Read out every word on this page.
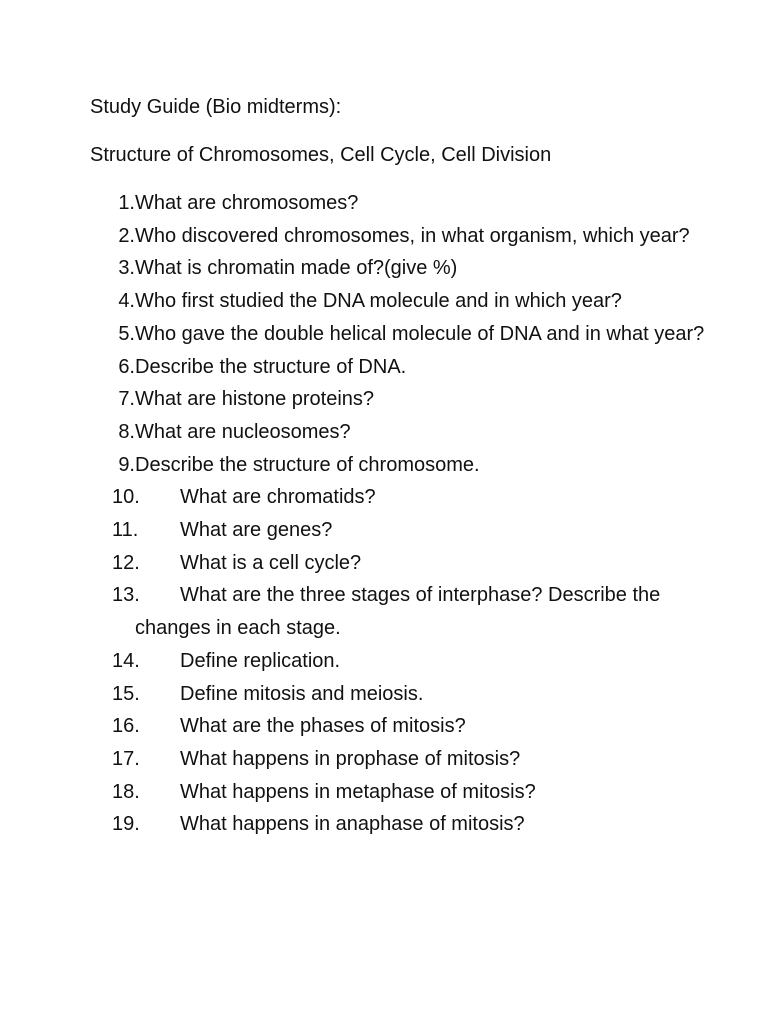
Study Guide (Bio midterms):
Structure of Chromosomes, Cell Cycle, Cell Division
1. What are chromosomes?
2. Who discovered chromosomes, in what organism, which year?
3. What is chromatin made of?(give %)
4. Who first studied the DNA molecule and in which year?
5. Who gave the double helical molecule of DNA and in what year?
6. Describe the structure of DNA.
7. What are histone proteins?
8. What are nucleosomes?
9. Describe the structure of chromosome.
10. What are chromatids?
11. What are genes?
12. What is a cell cycle?
13. What are the three stages of interphase? Describe the changes in each stage.
14. Define replication.
15. Define mitosis and meiosis.
16. What are the phases of mitosis?
17. What happens in prophase of mitosis?
18. What happens in metaphase of mitosis?
19. What happens in anaphase of mitosis?
